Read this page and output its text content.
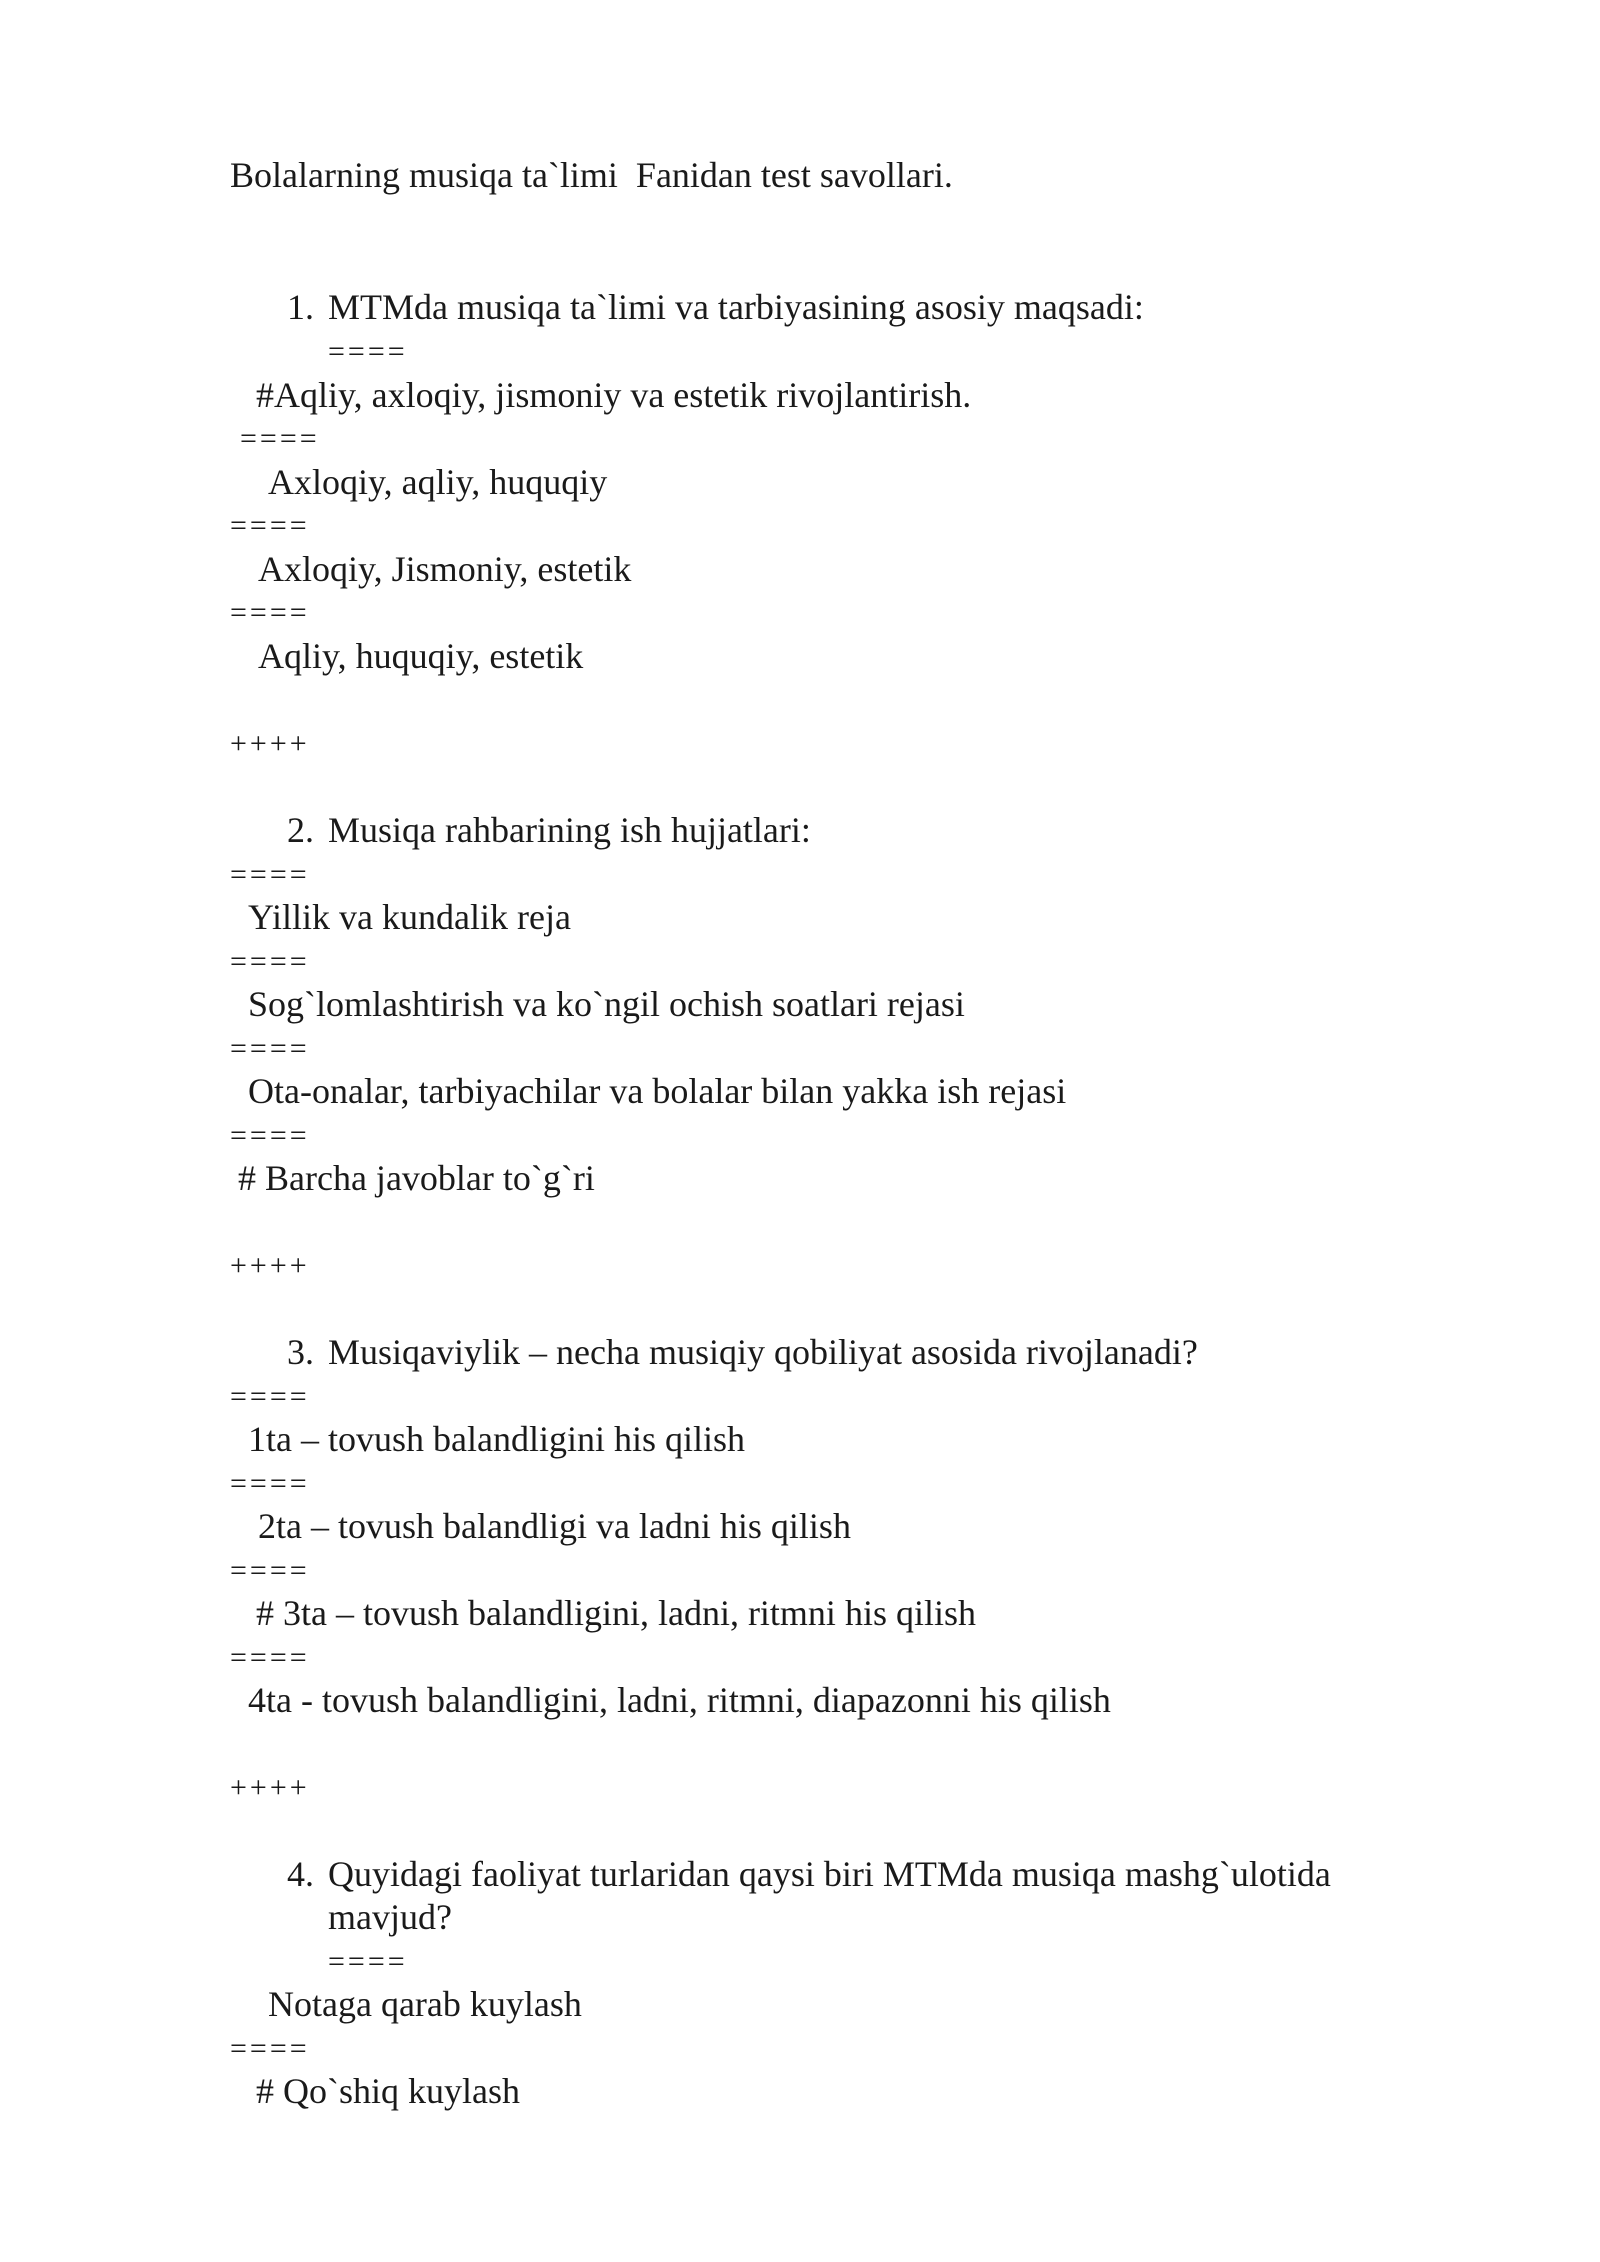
Bolalarning musiqa ta`limi  Fanidan test savollari.
1. MTMda musiqa ta`limi va tarbiyasining asosiy maqsadi:
====
#Aqliy, axloqiy, jismoniy va estetik rivojlantirish.
====
Axloqiy, aqliy, huquqiy
====
Axloqiy, Jismoniy, estetik
====
Aqliy, huquqiy, estetik
++++
2. Musiqa rahbarining ish hujjatlari:
====
Yillik va kundalik reja
====
Sog`lomlashtirish va ko`ngil ochish soatlari rejasi
====
Ota-onalar, tarbiyachilar va bolalar bilan yakka ish rejasi
====
# Barcha javoblar to`g`ri
++++
3. Musiqaviylik – necha musiqiy qobiliyat asosida rivojlanadi?
====
1ta – tovush balandligini his qilish
====
2ta – tovush balandligi va ladni his qilish
====
# 3ta – tovush balandligini, ladni, ritmni his qilish
====
4ta - tovush balandligini, ladni, ritmni, diapazonni his qilish
++++
4. Quyidagi faoliyat turlaridan qaysi biri MTMda musiqa mashg`ulotida
mavjud?
====
Notaga qarab kuylash
====
# Qo`shiq kuylash
